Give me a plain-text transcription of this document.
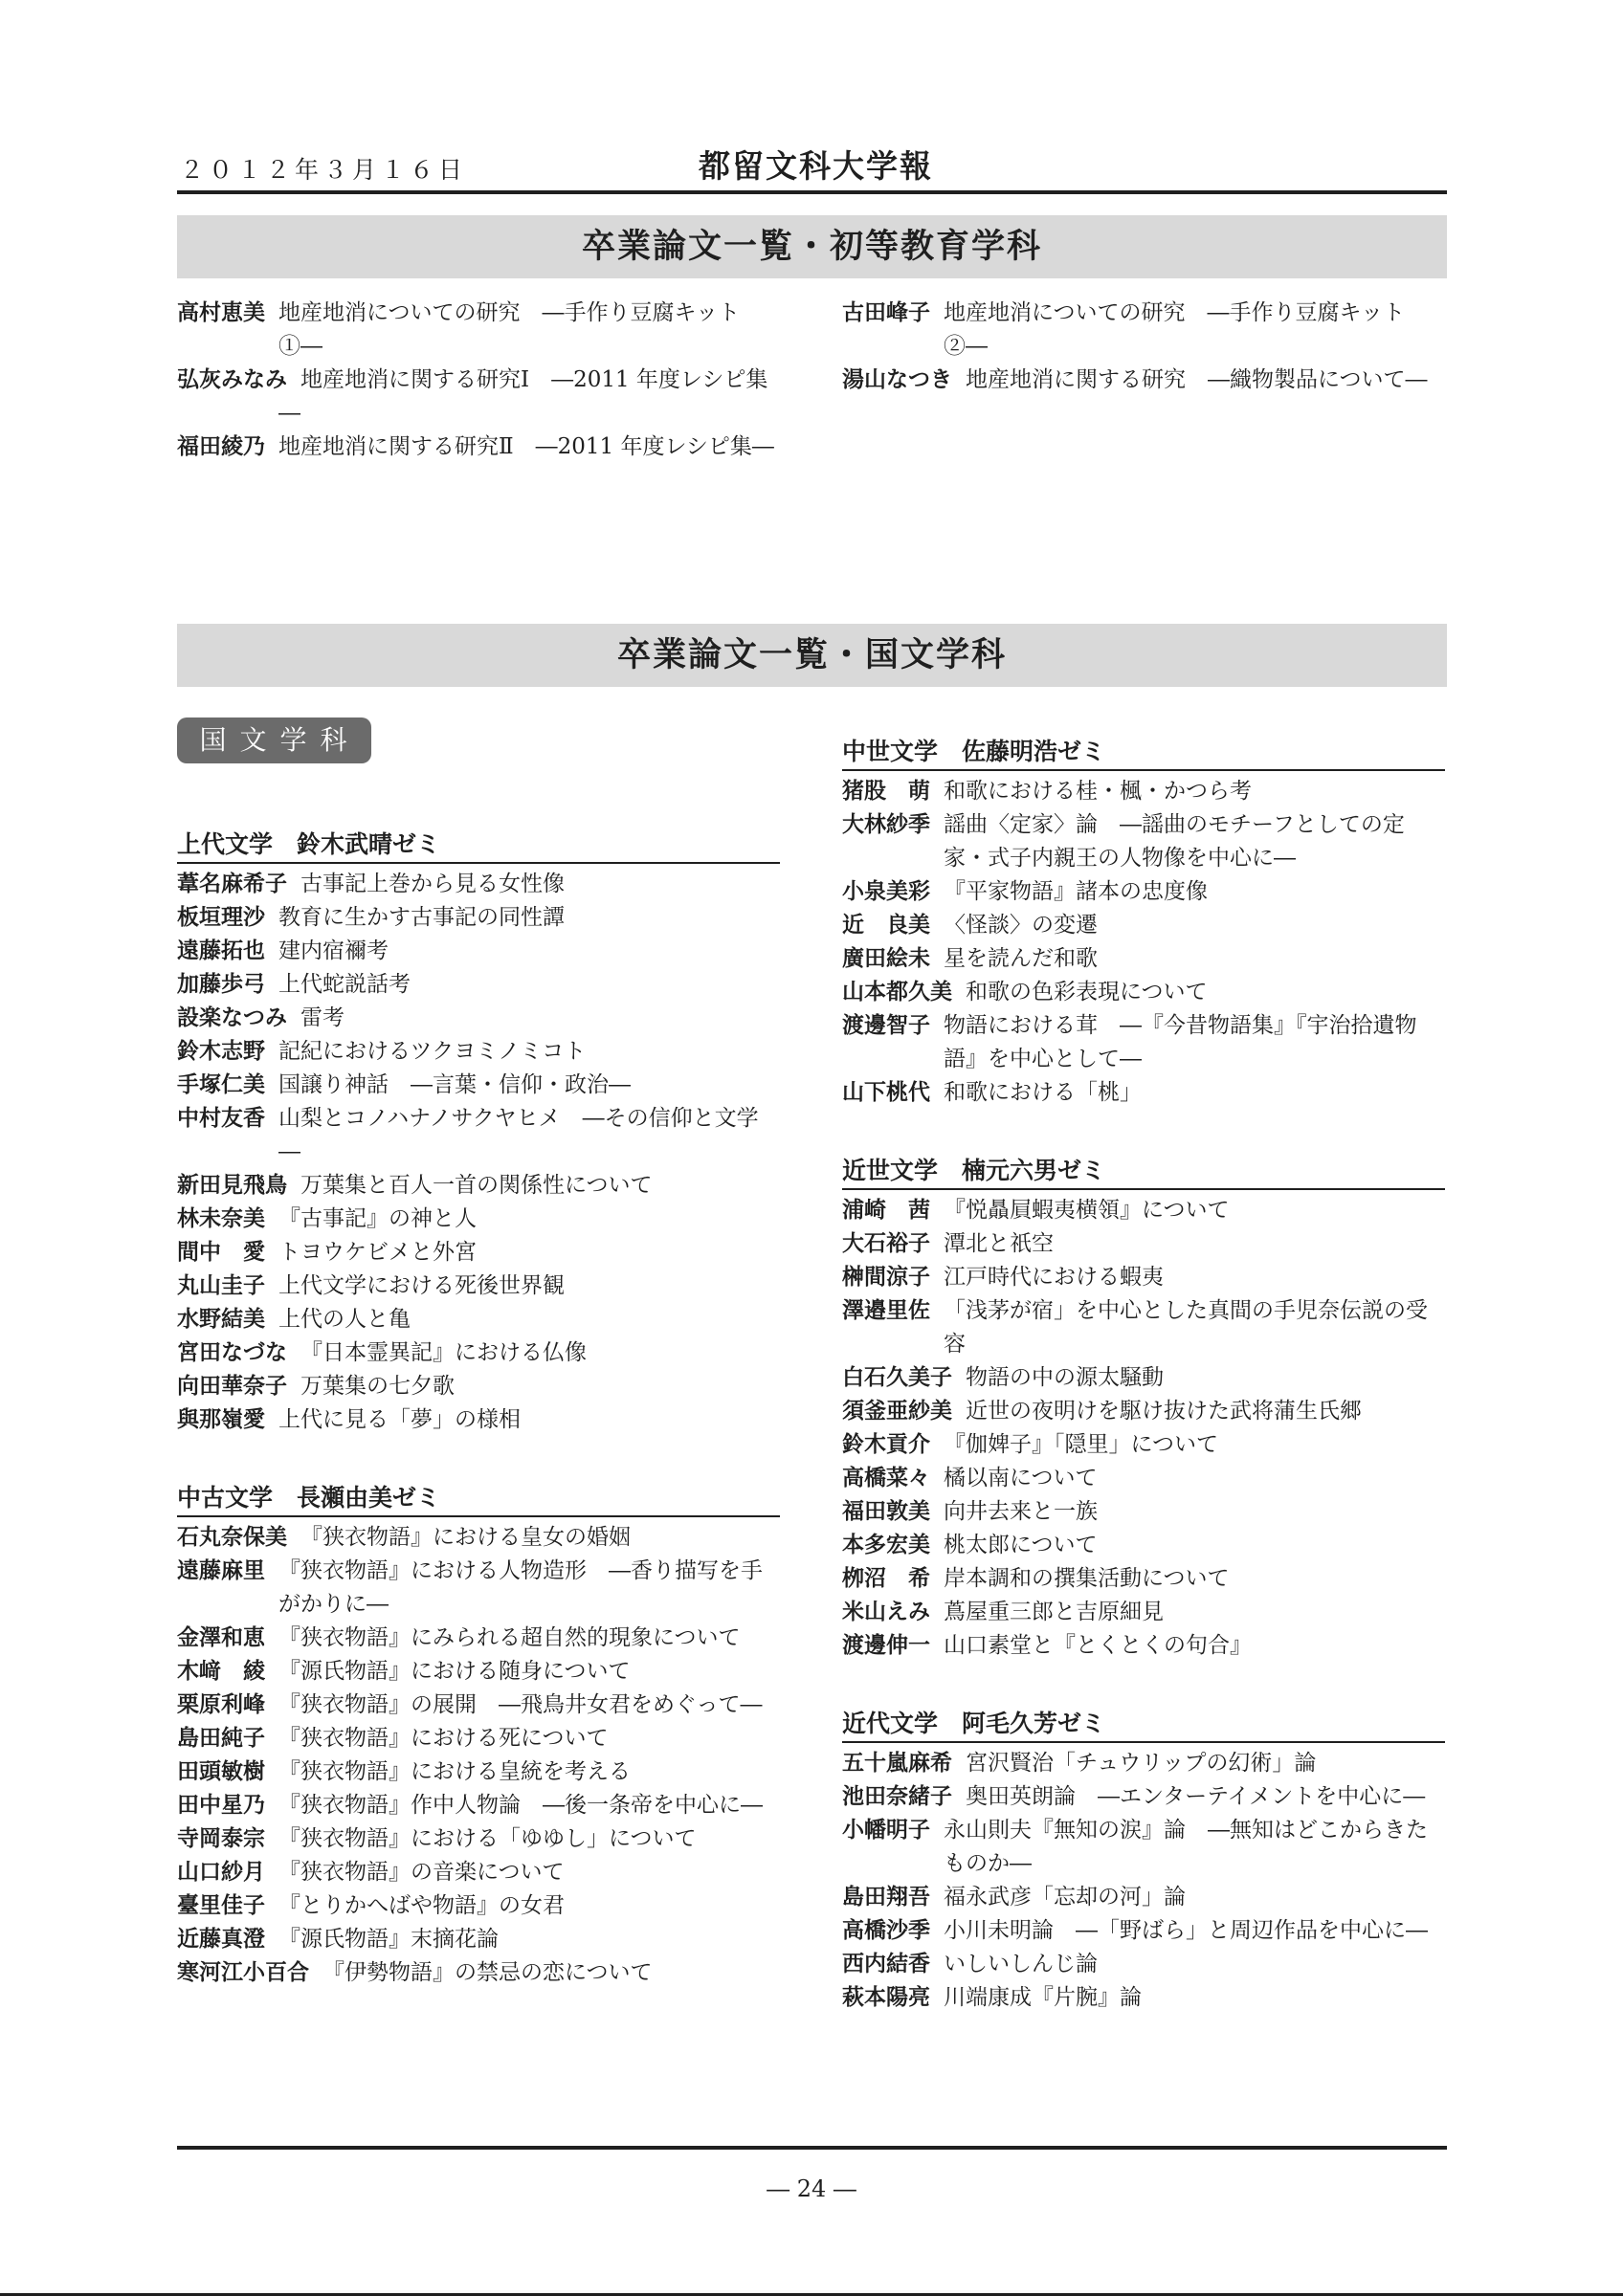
２０１２年３月１６日	都留文科大学報
卒業論文一覧・初等教育学科
高村恵美 地産地消についての研究　―手作り豆腐キット①―
弘灰みなみ 地産地消に関する研究Ⅰ　―2011 年度レシピ集―
福田綾乃 地産地消に関する研究Ⅱ　―2011 年度レシピ集―
古田峰子 地産地消についての研究　―手作り豆腐キット②―
湯山なつき 地産地消に関する研究　―織物製品について―
卒業論文一覧・国文学科
国文学科
上代文学　鈴木武晴ゼミ
葦名麻希子 古事記上巻から見る女性像
板垣理沙 教育に生かす古事記の同性譚
遠藤拓也 建内宿禰考
加藤歩弓 上代蛇説話考
設楽なつみ 雷考
鈴木志野 記紀におけるツクヨミノミコト
手塚仁美 国譲り神話　―言葉・信仰・政治―
中村友香 山梨とコノハナノサクヤヒメ　―その信仰と文学―
新田見飛鳥 万葉集と百人一首の関係性について
林未奈美 『古事記』の神と人
間中　愛 トヨウケビメと外宮
丸山圭子 上代文学における死後世界観
水野結美 上代の人と亀
宮田なづな 『日本霊異記』における仏像
向田華奈子 万葉集の七夕歌
與那嶺愛 上代に見る「夢」の様相
中古文学　長瀬由美ゼミ
石丸奈保美 『狭衣物語』における皇女の婚姻
遠藤麻里 『狭衣物語』における人物造形　―香り描写を手がかりに―
金澤和恵 『狭衣物語』にみられる超自然的現象について
木﨑　綾 『源氏物語』における随身について
栗原利峰 『狭衣物語』の展開　―飛鳥井女君をめぐって―
島田純子 『狭衣物語』における死について
田頭敏樹 『狭衣物語』における皇統を考える
田中星乃 『狭衣物語』作中人物論　―後一条帝を中心に―
寺岡泰宗 『狭衣物語』における「ゆゆし」について
山口紗月 『狭衣物語』の音楽について
臺里佳子 『とりかへばや物語』の女君
近藤真澄 『源氏物語』末摘花論
寒河江小百合 『伊勢物語』の禁忌の恋について
中世文学　佐藤明浩ゼミ
猪股　萌 和歌における桂・楓・かつら考
大林紗季 謡曲〈定家〉論　―謡曲のモチーフとしての定家・式子内親王の人物像を中心に―
小泉美彩 『平家物語』諸本の忠度像
近　良美 〈怪談〉の変遷
廣田絵未 星を読んだ和歌
山本都久美 和歌の色彩表現について
渡邊智子 物語における茸　―『今昔物語集』『宇治拾遺物語』を中心として―
山下桃代 和歌における「桃」
近世文学　楠元六男ゼミ
浦崎　茜 『悦贔屓蝦夷横領』について
大石裕子 潭北と祇空
榊間涼子 江戸時代における蝦夷
澤邉里佐 「浅茅が宿」を中心とした真間の手児奈伝説の受容
白石久美子 物語の中の源太騒動
須釜亜紗美 近世の夜明けを駆け抜けた武将蒲生氏郷
鈴木貢介 『伽婢子』「隠里」について
高橋菜々 橘以南について
福田敦美 向井去来と一族
本多宏美 桃太郎について
栁沼　希 岸本調和の撰集活動について
米山えみ 蔦屋重三郎と吉原細見
渡邊伸一 山口素堂と『とくとくの句合』
近代文学　阿毛久芳ゼミ
五十嵐麻希 宮沢賢治「チュウリップの幻術」論
池田奈緒子 奥田英朗論　―エンターテイメントを中心に―
小幡明子 永山則夫『無知の涙』論　―無知はどこからきたものか―
島田翔吾 福永武彦「忘却の河」論
高橋沙季 小川未明論　―「野ばら」と周辺作品を中心に―
西内結香 いしいしんじ論
萩本陽亮 川端康成『片腕』論
― 24 ―
